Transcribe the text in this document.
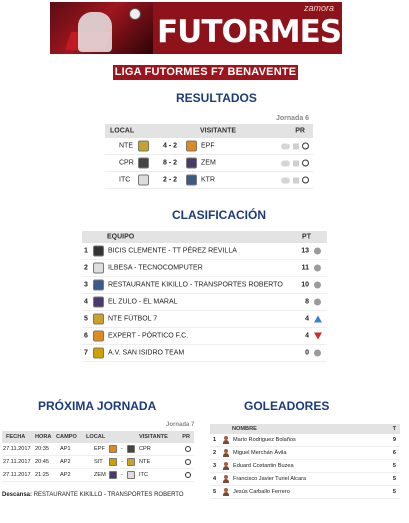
zamora
FUTORMES
LIGA FUTORMES F7 BENAVENTE
RESULTADOS
Jornada 6
LOCAL	VISITANTE	PR
NTE	4 - 2	EPF
CPR	8 - 2	ZEM
ITC	2 - 2	KTR
CLASIFICACIÓN
EQUIPO	PT
1	BICIS CLEMENTE - TT PÉREZ REVILLA	13
2	ILBESA - TECNOCOMPUTER	11
3	RESTAURANTE KIKILLO - TRANSPORTES ROBERTO	10
4	EL ZULO - EL MARAL	8
5	NTE FÚTBOL 7	4
6	EXPERT - PÓRTICO F.C.	4
7	A.V. SAN ISIDRO TEAM	0
PRÓXIMA JORNADA
Jornada 7
FECHA HORA CAMPO LOCAL	VISITANTE	PR
27.11.2017 20:35 AP1	EPF	-	CPR
27.11.2017 20:45 AP2	SIT	-	NTE
27.11.2017 21:25 AP2	ZEM	-	ITC
Descansa: RESTAURANTE KIKILLO - TRANSPORTES ROBERTO
GOLEADORES
NOMBRE	T
1	Mario Rodriguez Bolaños	9
2	Miguel Merchán Ávila	6
3	Eduard Costantin Buzea	5
4	Francisco Javier Turiel Alcara	5
5	Jesús Carballo Ferrero	5
